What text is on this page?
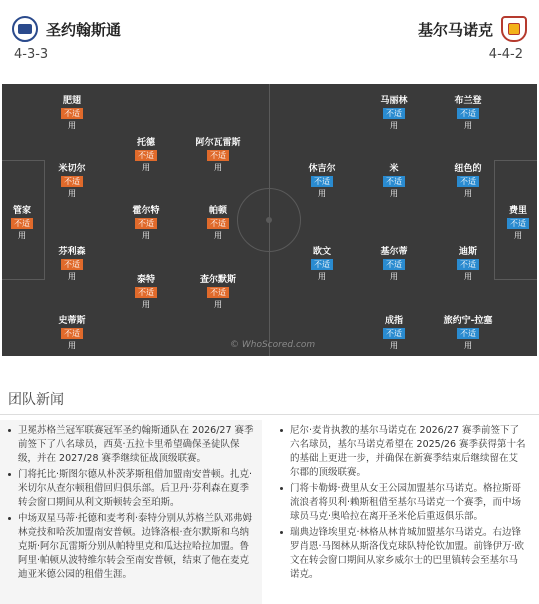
圣约翰斯通
4-3-3
基尔马诺克
4-4-2
管家
不适
用
史蒂斯
不适
用
芬利森
不适
用
米切尔
不适
用
肥翅
不适
用
泰特
不适
用
霍尔特
不适
用
托德
不适
用
查尔默斯
不适
用
帕顿
不适
用
阿尔瓦雷斯
不适
用
费里
不适
用
迪斯
不适
用
纽色的
不适
用
布兰登
不适
用
旅约宁-拉塞
不适
用
基尔蒂
不适
用
米
不适
用
马丽林
不适
用
成指
不适
用
欧文
不适
用
休吉尔
不适
用
© WhoScored.com
团队新闻
卫冕苏格兰冠军联赛冠军圣约翰斯通队在 2026/27 赛季前签下了八名球员，西莫·五拉卡里希望确保圣徒队保级，并在 2027/28 赛季继续征战顶级联赛。
门将托比·斯图尔德从朴茨茅斯租借加盟南安普顿。扎克·米切尔从查尔顿租借回归俱乐部。后卫丹·芬利森在夏季转会窗口期间从利文斯顿转会至珀斯。
中场双星马蒂·托德和麦考利·泰特分别从苏格兰队邓弗姆林竞技和哈茨加盟南安普顿。边锋洛根·查尔默斯和乌纳克斯·阿尔瓦雷斯分别从帕特里克和瓜达拉哈拉加盟。鲁阿里·帕顿从波特维尔转会至南安普顿，结束了他在麦克迪亚米德公园的租借生涯。
尼尔·麦肯执教的基尔马诺克在 2026/27 赛季前签下了六名球员，基尔马诺克希望在 2025/26 赛季获得第十名的基础上更进一步，并确保在新赛季结束后继续留在艾尔郡的顶级联赛。
门将卡勒姆·费里从女王公园加盟基尔马诺克。格拉斯哥流浪者将贝利·赖斯租借至基尔马诺克一个赛季，而中场球员马克·奥哈拉在离开圣米伦后重返俱乐部。
瑞典边锋埃里克·林格从林肯城加盟基尔马诺克。右边锋罗肖恩·马图林从斯洛伐克球队特伦钦加盟。前锋伊万·欧文在转会窗口期间从家乡威尔士的巴里镇转会至基尔马诺克。
